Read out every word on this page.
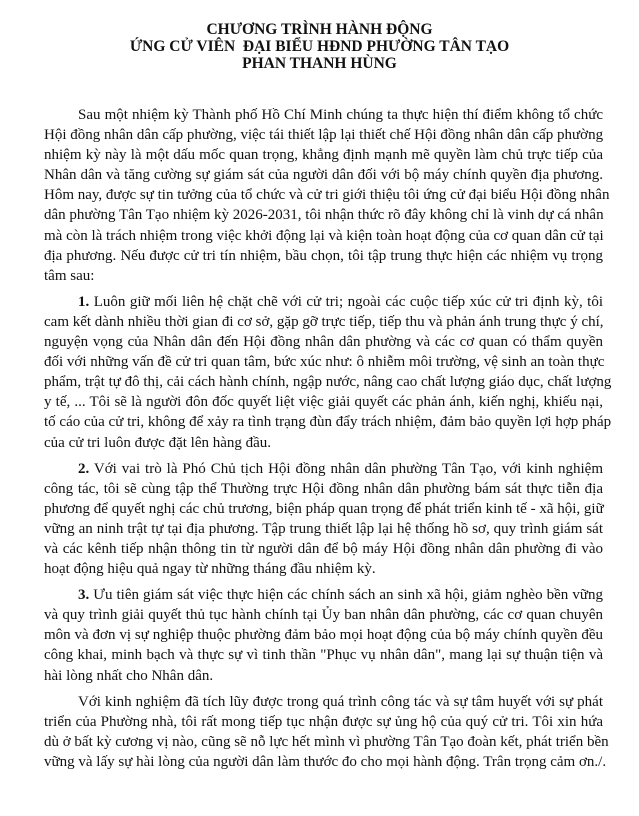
CHƯƠNG TRÌNH HÀNH ĐỘNG
ỨNG CỬ VIÊN  ĐẠI BIỂU HĐND PHƯỜNG TÂN TẠO
PHAN THANH HÙNG
Sau một nhiệm kỳ Thành phố Hồ Chí Minh chúng ta thực hiện thí điểm không tổ chức
Hội đồng nhân dân cấp phường, việc tái thiết lập lại thiết chế Hội đồng nhân dân cấp phường
nhiệm kỳ này là một dấu mốc quan trọng, khẳng định mạnh mẽ quyền làm chủ trực tiếp của
Nhân dân và tăng cường sự giám sát của người dân đối với bộ máy chính quyền địa phương.
Hôm nay, được sự tin tưởng của tổ chức và cử tri giới thiệu tôi ứng cử đại biểu Hội đồng nhân
dân phường Tân Tạo nhiệm kỳ 2026-2031, tôi nhận thức rõ đây không chỉ là vinh dự cá nhân
mà còn là trách nhiệm trong việc khởi động lại và kiện toàn hoạt động của cơ quan dân cử tại
địa phương. Nếu được cử tri tín nhiệm, bầu chọn, tôi tập trung thực hiện các nhiệm vụ trọng
tâm sau:
1. Luôn giữ mối liên hệ chặt chẽ với cử tri; ngoài các cuộc tiếp xúc cử tri định kỳ, tôi
cam kết dành nhiều thời gian đi cơ sở, gặp gỡ trực tiếp, tiếp thu và phản ánh trung thực ý chí,
nguyện vọng của Nhân dân đến Hội đồng nhân dân phường và các cơ quan có thẩm quyền
đối với những vấn đề cử tri quan tâm, bức xúc như: ô nhiễm môi trường, vệ sinh an toàn thực
phẩm, trật tự đô thị, cải cách hành chính, ngập nước, nâng cao chất lượng giáo dục, chất lượng
y tế, ... Tôi sẽ là người đôn đốc quyết liệt việc giải quyết các phản ánh, kiến nghị, khiếu nại,
tố cáo của cử tri, không để xảy ra tình trạng đùn đẩy trách nhiệm, đảm bảo quyền lợi hợp pháp
của cử tri luôn được đặt lên hàng đầu.
2. Với vai trò là Phó Chủ tịch Hội đồng nhân dân phường Tân Tạo, với kinh nghiệm
công tác, tôi sẽ cùng tập thể Thường trực Hội đồng nhân dân phường bám sát thực tiễn địa
phương để quyết nghị các chủ trương, biện pháp quan trọng để phát triển kinh tế - xã hội, giữ
vững an ninh trật tự tại địa phương. Tập trung thiết lập lại hệ thống hồ sơ, quy trình giám sát
và các kênh tiếp nhận thông tin từ người dân để bộ máy Hội đồng nhân dân phường đi vào
hoạt động hiệu quả ngay từ những tháng đầu nhiệm kỳ.
3. Ưu tiên giám sát việc thực hiện các chính sách an sinh xã hội, giảm nghèo bền vững
và quy trình giải quyết thủ tục hành chính tại Ủy ban nhân dân phường, các cơ quan chuyên
môn và đơn vị sự nghiệp thuộc phường đảm bảo mọi hoạt động của bộ máy chính quyền đều
công khai, minh bạch và thực sự vì tinh thần "Phục vụ nhân dân", mang lại sự thuận tiện và
hài lòng nhất cho Nhân dân.
Với kinh nghiệm đã tích lũy được trong quá trình công tác và sự tâm huyết với sự phát
triển của Phường nhà, tôi rất mong tiếp tục nhận được sự ủng hộ của quý cử tri. Tôi xin hứa
dù ở bất kỳ cương vị nào, cũng sẽ nỗ lực hết mình vì phường Tân Tạo đoàn kết, phát triển bền
vững và lấy sự hài lòng của người dân làm thước đo cho mọi hành động. Trân trọng cảm ơn./.
